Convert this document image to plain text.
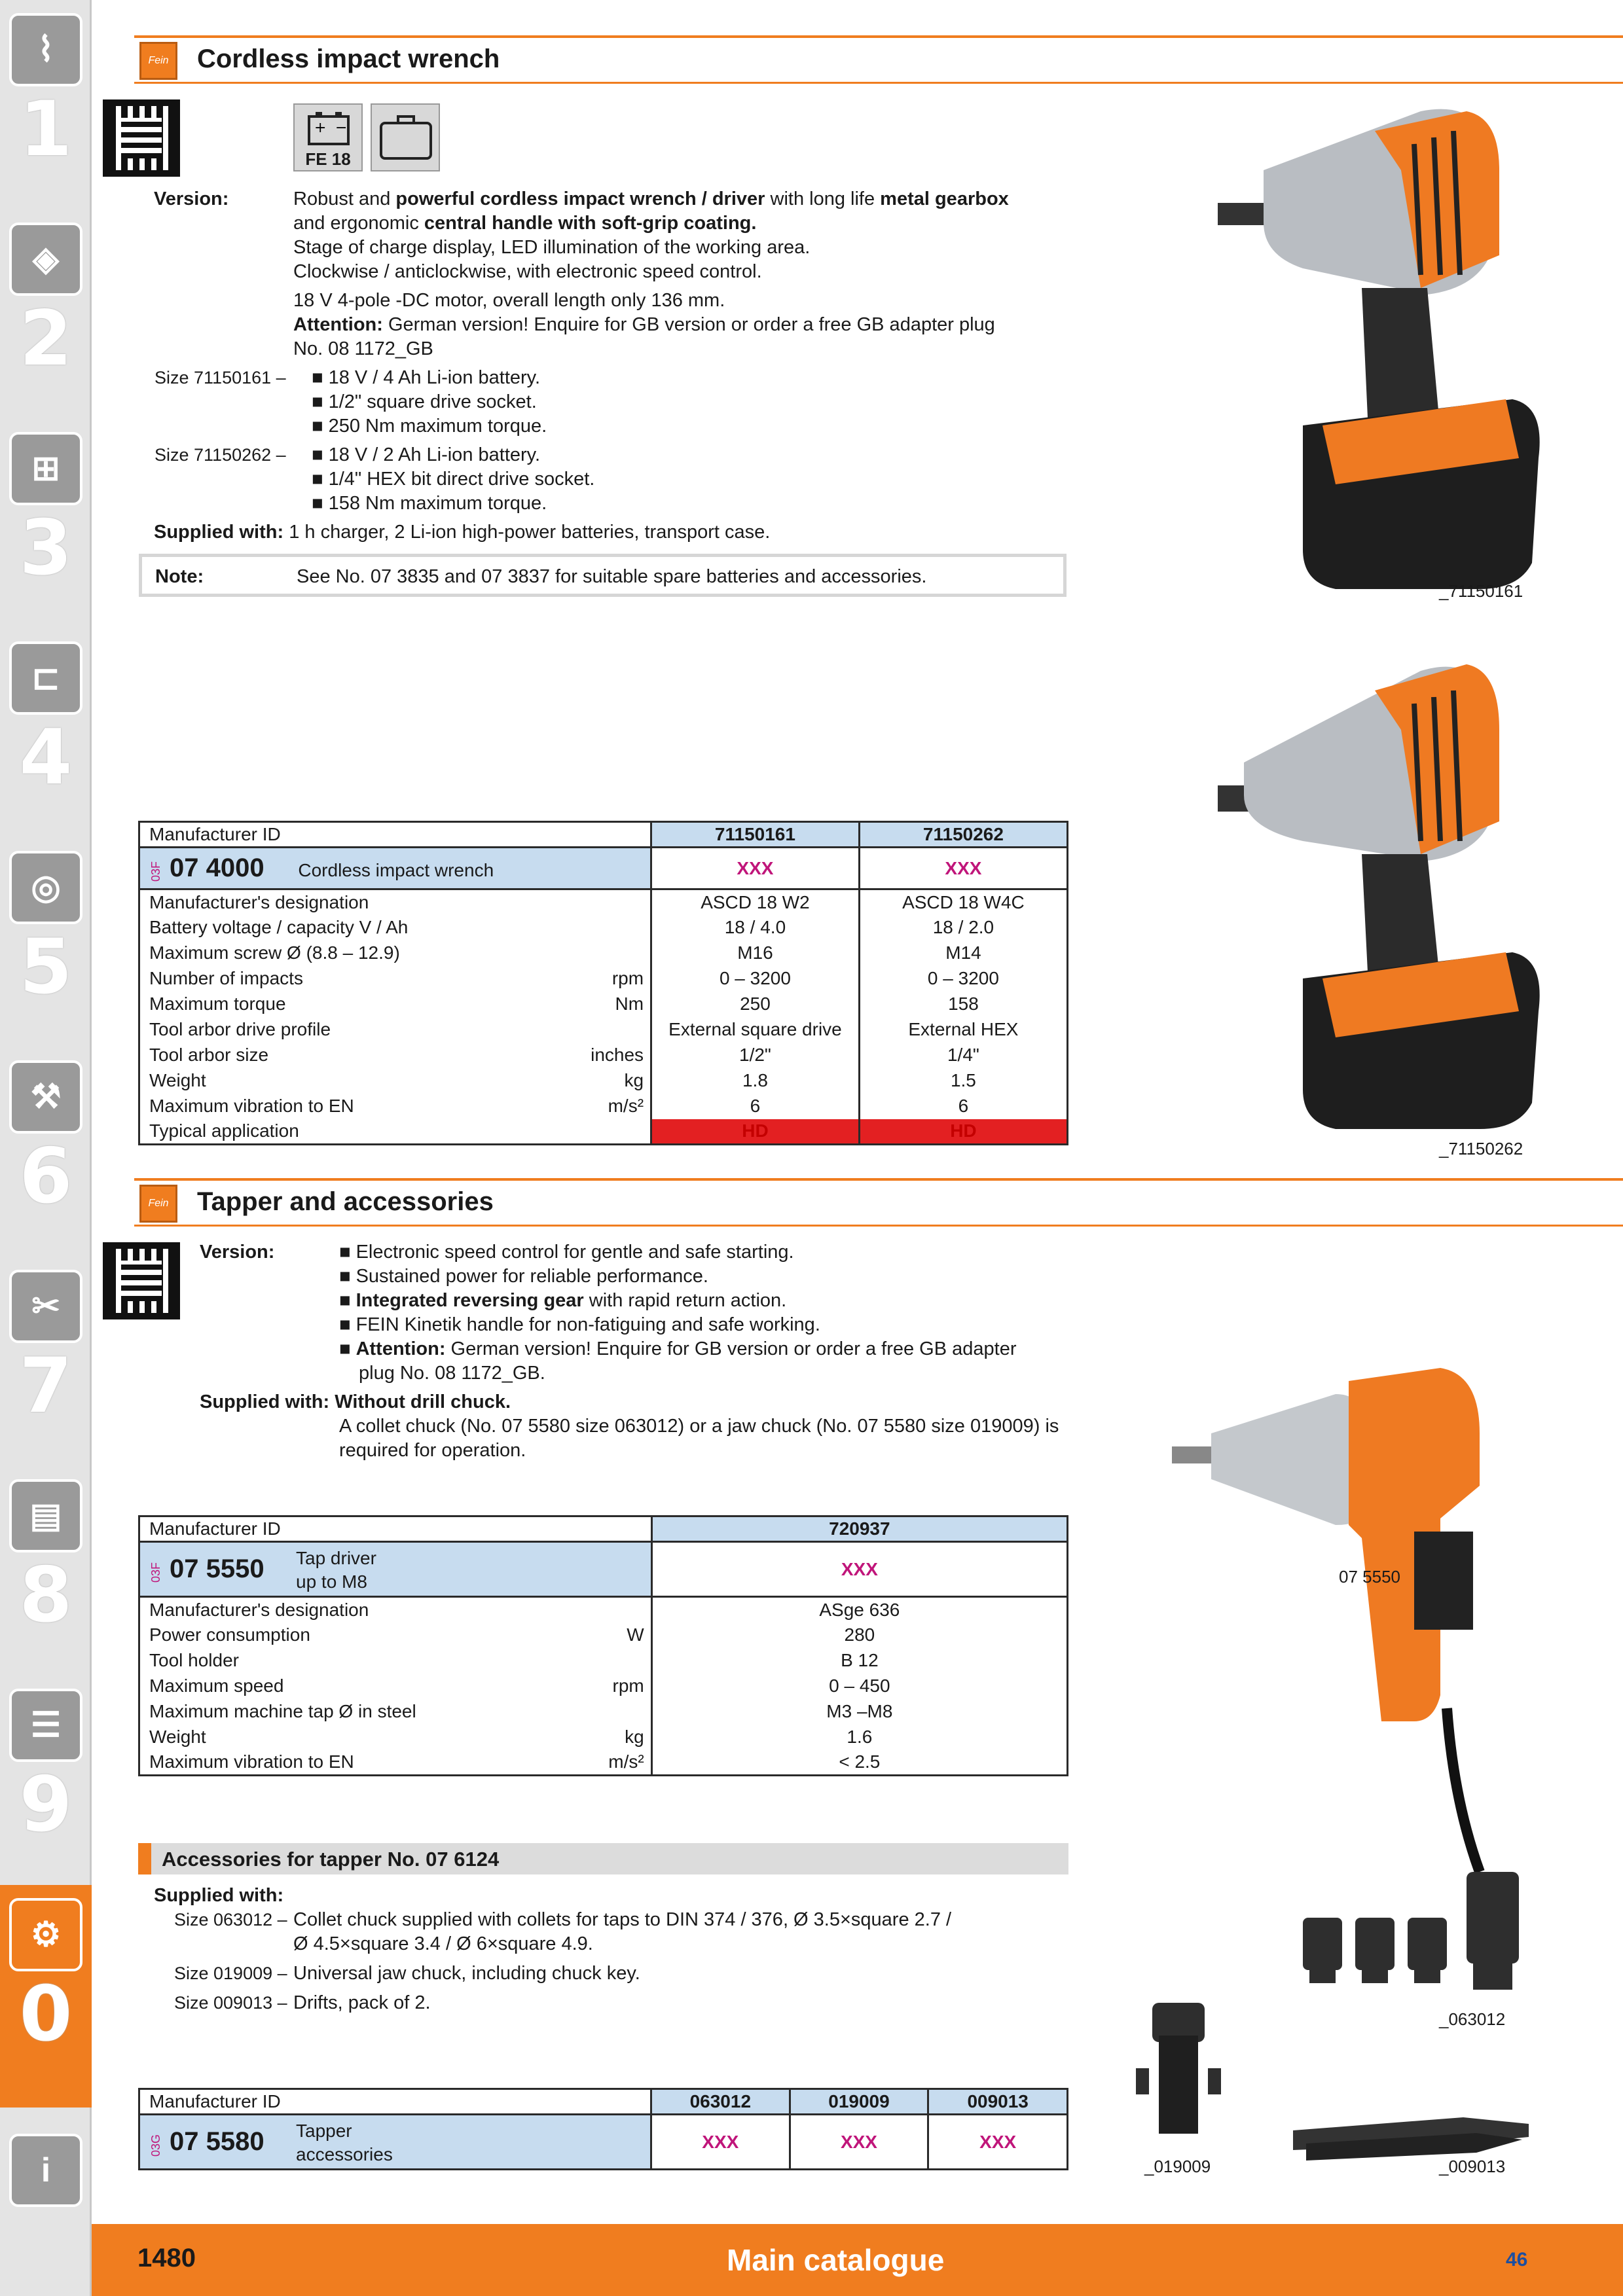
⌇
1
◈
2
⊞
3
⊏
4
◎
5
⚒
6
✂
7
▤
8
☰
9
⚙
0
i
Fein	Cordless impact wrench
+ −
FE 18
Version:	Robust and powerful cordless impact wrench / driver with long life metal gearbox
and ergonomic central handle with soft-grip coating.
Stage of charge display, LED illumination of the working area.
Clockwise / anticlockwise, with electronic speed control.
18 V 4-pole -DC motor, overall length only 136 mm.
Attention: German version! Enquire for GB version or order a free GB adapter plug
No. 08 1172_GB
Size 71150161 – ■ 18 V / 4 Ah Li-ion battery.
■ 1/2" square drive socket.
■ 250 Nm maximum torque.
Size 71150262 – ■ 18 V / 2 Ah Li-ion battery.
■ 1/4" HEX bit direct drive socket.
■ 158 Nm maximum torque.
Supplied with: 1 h charger, 2 Li-ion high-power batteries, transport case.
Note:	See No. 07 3835 and 07 3837 for suitable spare batteries and accessories.
_71150161
_71150262
Manufacturer ID	71150161	71150262
03F 07 4000 Cordless impact wrench	XXX	XXX
Manufacturer's designation	ASCD 18 W2	ASCD 18 W4C
Battery voltage / capacity V / Ah	18 / 4.0	18 / 2.0
Maximum screw Ø (8.8 – 12.9)	M16	M14
Number of impacts rpm	0 – 3200	0 – 3200
Maximum torque Nm	250	158
Tool arbor drive profile	External square drive	External HEX
Tool arbor size inches	1/2"	1/4"
Weight kg	1.8	1.5
Maximum vibration to EN m/s²	6	6
Typical application	HD	HD
Fein	Tapper and accessories
Version:	■ Electronic speed control for gentle and safe starting.
■ Sustained power for reliable performance.
■ Integrated reversing gear with rapid return action.
■ FEIN Kinetik handle for non-fatiguing and safe working.
■ Attention: German version! Enquire for GB version or order a free GB adapter
plug No. 08 1172_GB.
Supplied with: Without drill chuck.
A collet chuck (No. 07 5580 size 063012) or a jaw chuck (No. 07 5580 size 019009) is
required for operation.
07 5550
Manufacturer ID	720937
03F 07 5550 Tap driver
up to M8	XXX
Manufacturer's designation	ASge 636
Power consumption W	280
Tool holder	B 12
Maximum speed rpm	0 – 450
Maximum machine tap Ø in steel	M3 –M8
Weight kg	1.6
Maximum vibration to EN m/s²	< 2.5
Accessories for tapper No. 07 6124
Supplied with:
Size 063012 – Collet chuck supplied with collets for taps to DIN 374 / 376, Ø 3.5×square 2.7 /
Ø 4.5×square 3.4 / Ø 6×square 4.9.
Size 019009 – Universal jaw chuck, including chuck key.
Size 009013 – Drifts, pack of 2.
_063012
_019009	_009013
Manufacturer ID	063012	019009	009013
03G 07 5580 Tapper
accessories	XXX	XXX	XXX
1480	Main catalogue	46
